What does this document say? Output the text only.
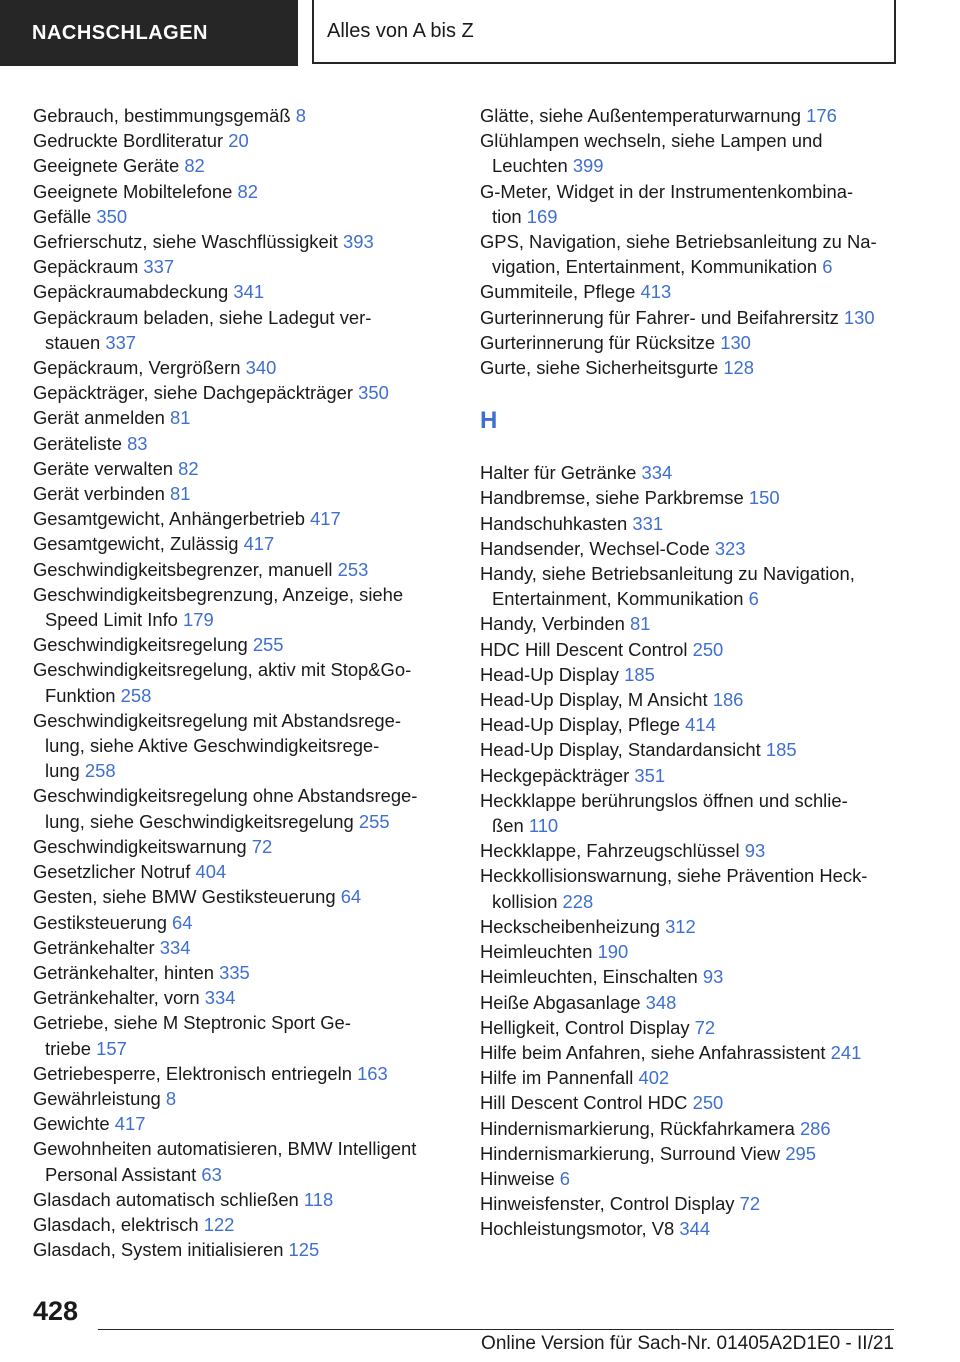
NACHSCHLAGEN	Alles von A bis Z
Gebrauch, bestimmungsgemäß 8
Gedruckte Bordliteratur 20
Geeignete Geräte 82
Geeignete Mobiltelefone 82
Gefälle 350
Gefrierschutz, siehe Waschflüssigkeit 393
Gepäckraum 337
Gepäckraumabdeckung 341
Gepäckraum beladen, siehe Ladegut ver-
stauen 337
Gepäckraum, Vergrößern 340
Gepäckträger, siehe Dachgepäckträger 350
Gerät anmelden 81
Geräteliste 83
Geräte verwalten 82
Gerät verbinden 81
Gesamtgewicht, Anhängerbetrieb 417
Gesamtgewicht, Zulässig 417
Geschwindigkeitsbegrenzer, manuell 253
Geschwindigkeitsbegrenzung, Anzeige, siehe
Speed Limit Info 179
Geschwindigkeitsregelung 255
Geschwindigkeitsregelung, aktiv mit Stop&Go-
Funktion 258
Geschwindigkeitsregelung mit Abstandsrege-
lung, siehe Aktive Geschwindigkeitsrege-
lung 258
Geschwindigkeitsregelung ohne Abstandsrege-
lung, siehe Geschwindigkeitsregelung 255
Geschwindigkeitswarnung 72
Gesetzlicher Notruf 404
Gesten, siehe BMW Gestiksteuerung 64
Gestiksteuerung 64
Getränkehalter 334
Getränkehalter, hinten 335
Getränkehalter, vorn 334
Getriebe, siehe M Steptronic Sport Ge-
triebe 157
Getriebesperre, Elektronisch entriegeln 163
Gewährleistung 8
Gewichte 417
Gewohnheiten automatisieren, BMW Intelligent
Personal Assistant 63
Glasdach automatisch schließen 118
Glasdach, elektrisch 122
Glasdach, System initialisieren 125
Glätte, siehe Außentemperaturwarnung 176
Glühlampen wechseln, siehe Lampen und
Leuchten 399
G-Meter, Widget in der Instrumentenkombina-
tion 169
GPS, Navigation, siehe Betriebsanleitung zu Na-
vigation, Entertainment, Kommunikation 6
Gummiteile, Pflege 413
Gurterinnerung für Fahrer- und Beifahrersitz 130
Gurterinnerung für Rücksitze 130
Gurte, siehe Sicherheitsgurte 128
H
Halter für Getränke 334
Handbremse, siehe Parkbremse 150
Handschuhkasten 331
Handsender, Wechsel-Code 323
Handy, siehe Betriebsanleitung zu Navigation,
Entertainment, Kommunikation 6
Handy, Verbinden 81
HDC Hill Descent Control 250
Head-Up Display 185
Head-Up Display, M Ansicht 186
Head-Up Display, Pflege 414
Head-Up Display, Standardansicht 185
Heckgepäckträger 351
Heckklappe berührungslos öffnen und schlie-
ßen 110
Heckklappe, Fahrzeugschlüssel 93
Heckkollisionswarnung, siehe Prävention Heck-
kollision 228
Heckscheibenheizung 312
Heimleuchten 190
Heimleuchten, Einschalten 93
Heiße Abgasanlage 348
Helligkeit, Control Display 72
Hilfe beim Anfahren, siehe Anfahrassistent 241
Hilfe im Pannenfall 402
Hill Descent Control HDC 250
Hindernismarkierung, Rückfahrkamera 286
Hindernismarkierung, Surround View 295
Hinweise 6
Hinweisfenster, Control Display 72
Hochleistungsmotor, V8 344
428
Online Version für Sach-Nr. 01405A2D1E0 - II/21
